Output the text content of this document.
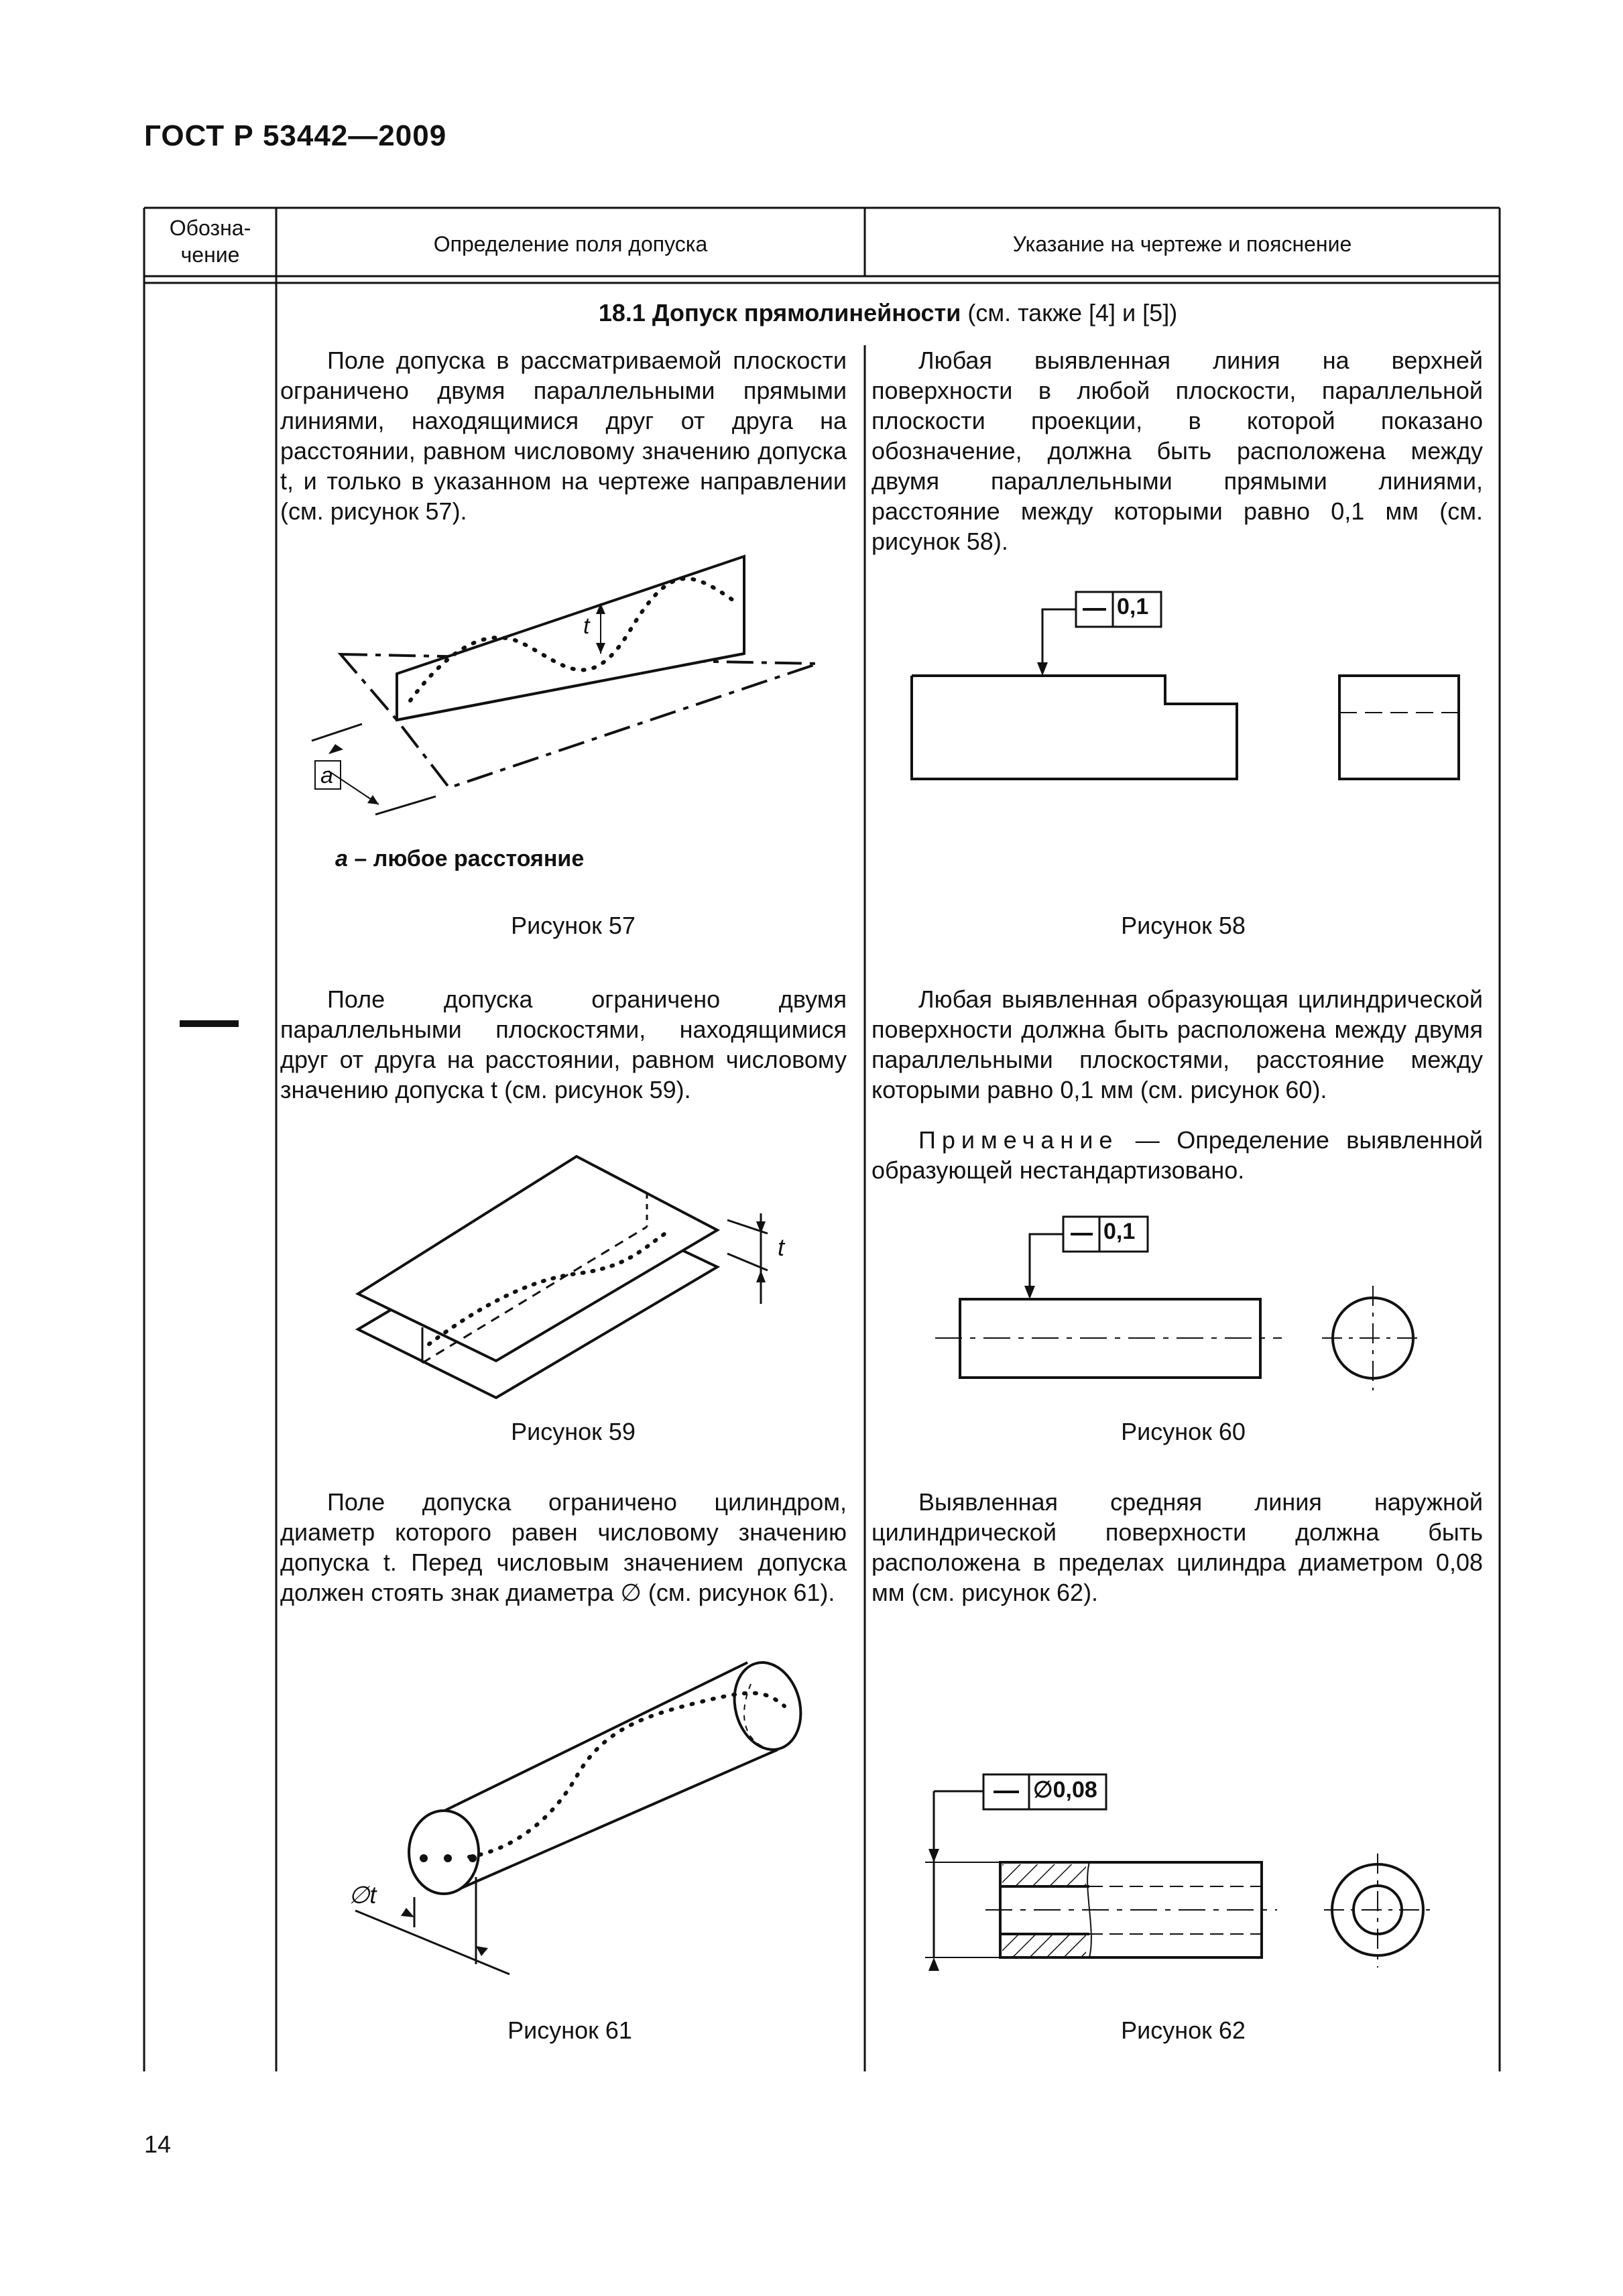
ГОСТ Р 53442—2009
Обозна-
чение	Определение поля допуска	Указание на чертеже и пояснение
18.1 Допуск прямолинейности (см. также [4] и [5])
Поле допуска в рассматриваемой плоскости ограничено двумя параллельными прямыми линиями, находящимися друг от друга на расстоянии, равном числовому значению допуска t, и только в указанном на чертеже направлении (см. рисунок 57).
Любая выявленная линия на верхней поверхности в любой плоскости, параллельной плоскости проекции, в которой показано обозначение, должна быть расположена между двумя параллельными прямыми линиями, расстояние между которыми равно 0,1 мм (см. рисунок 58).
a
t
a – любое расстояние
Рисунок 57
0,1
Рисунок 58
Поле допуска ограничено двумя параллельными плоскостями, находящимися друг от друга на расстоянии, равном числовому значению допуска t (см. рисунок 59).
Любая выявленная образующая цилиндрической поверхности должна быть расположена между двумя параллельными плоскостями, расстояние между которыми равно 0,1 мм (см. рисунок 60).
Примечание — Определение выявленной образующей нестандартизовано.
t
Рисунок 59
0,1
Рисунок 60
Поле допуска ограничено цилиндром, диаметр которого равен числовому значению допуска t. Перед числовым значением допуска должен стоять знак диаметра ∅ (см. рисунок 61).
Выявленная средняя линия наружной цилиндрической поверхности должна быть расположена в пределах цилиндра диаметром 0,08 мм (см. рисунок 62).
∅t
Рисунок 61
∅0,08
Рисунок 62
14
